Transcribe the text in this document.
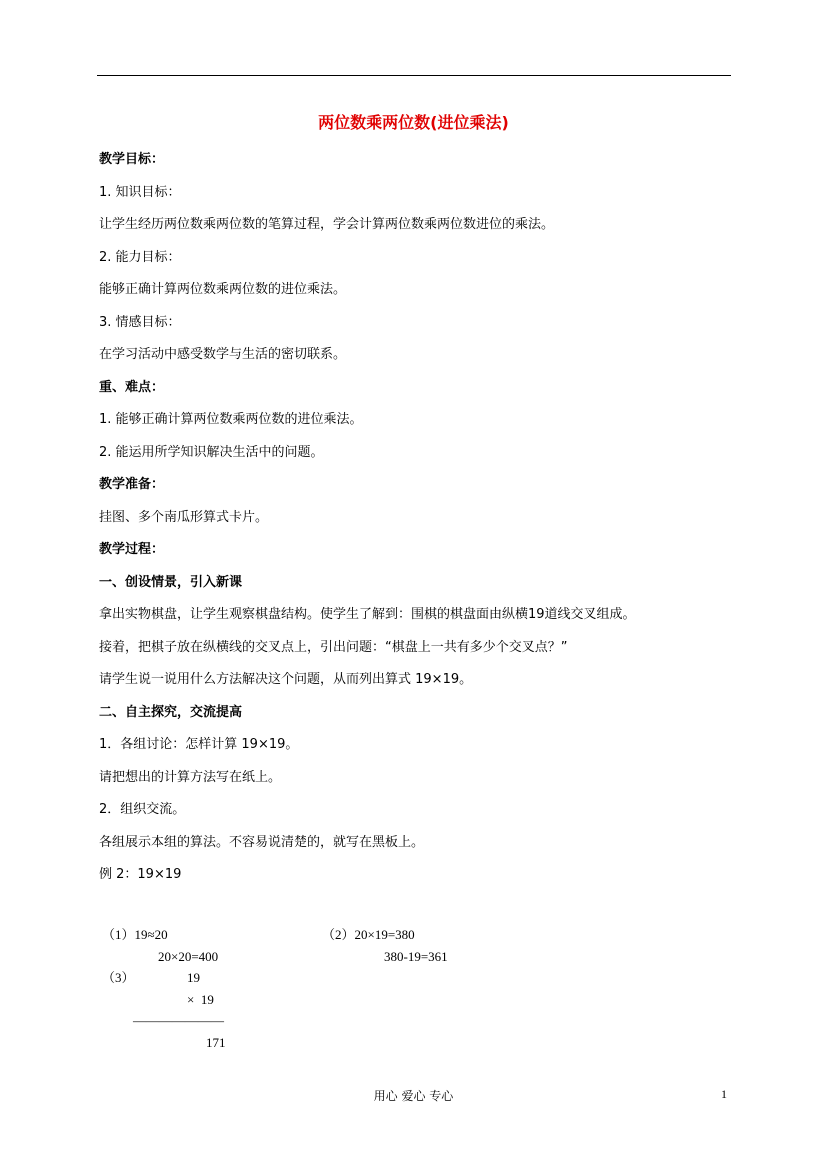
两位数乘两位数(进位乘法)
教学目标：
1. 知识目标：
让学生经历两位数乘两位数的笔算过程，学会计算两位数乘两位数进位的乘法。
2. 能力目标：
能够正确计算两位数乘两位数的进位乘法。
3. 情感目标：
在学习活动中感受数学与生活的密切联系。
重、难点：
1. 能够正确计算两位数乘两位数的进位乘法。
2. 能运用所学知识解决生活中的问题。
教学准备：
挂图、多个南瓜形算式卡片。
教学过程：
一、创设情景，引入新课
拿出实物棋盘，让学生观察棋盘结构。使学生了解到：围棋的棋盘面由纵横19道线交叉组成。
接着，把棋子放在纵横线的交叉点上，引出问题：“棋盘上一共有多少个交叉点？”
请学生说一说用什么方法解决这个问题，从而列出算式 19×19。
二、自主探究，交流提高
1．各组讨论：怎样计算 19×19。
请把想出的计算方法写在纸上。
2．组织交流。
各组展示本组的算法。不容易说清楚的，就写在黑板上。
例 2：19×19
（1）19≈20
20×20=400
（2）20×19=380
380-19=361
（3）	19
×  19
———————
171
用心 爱心 专心	1
